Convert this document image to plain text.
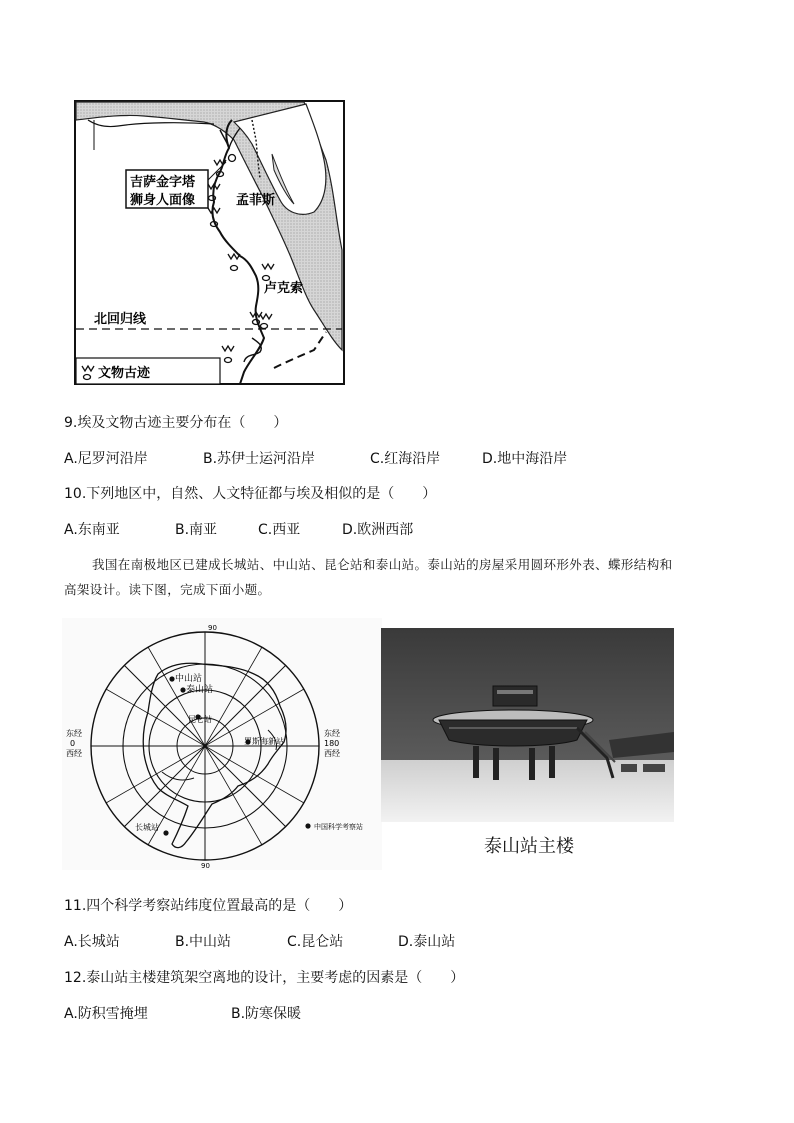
吉萨金字塔
狮身人面像	孟菲斯
卢克索
北回归线
文物古迹
9.埃及文物古迹主要分布在（　　）
A.尼罗河沿岸	B.苏伊士运河沿岸	C.红海沿岸	D.地中海沿岸
10.下列地区中，自然、人文特征都与埃及相似的是（　　）
A.东南亚	B.南亚	C.西亚	D.欧洲西部
我国在南极地区已建成长城站、中山站、昆仑站和泰山站。泰山站的房屋采用圆环形外表、蝶形结构和
高架设计。读下图，完成下面小题。
90
中山站
泰山站
昆仑站
罗斯海新站
长城站
东经
0
西经
东经
180
西经
90
中国科学考察站
泰山站主楼
11.四个科学考察站纬度位置最高的是（　　）
A.长城站	B.中山站	C.昆仑站	D.泰山站
12.泰山站主楼建筑架空离地的设计，主要考虑的因素是（　　）
A.防积雪掩埋	B.防寒保暖
